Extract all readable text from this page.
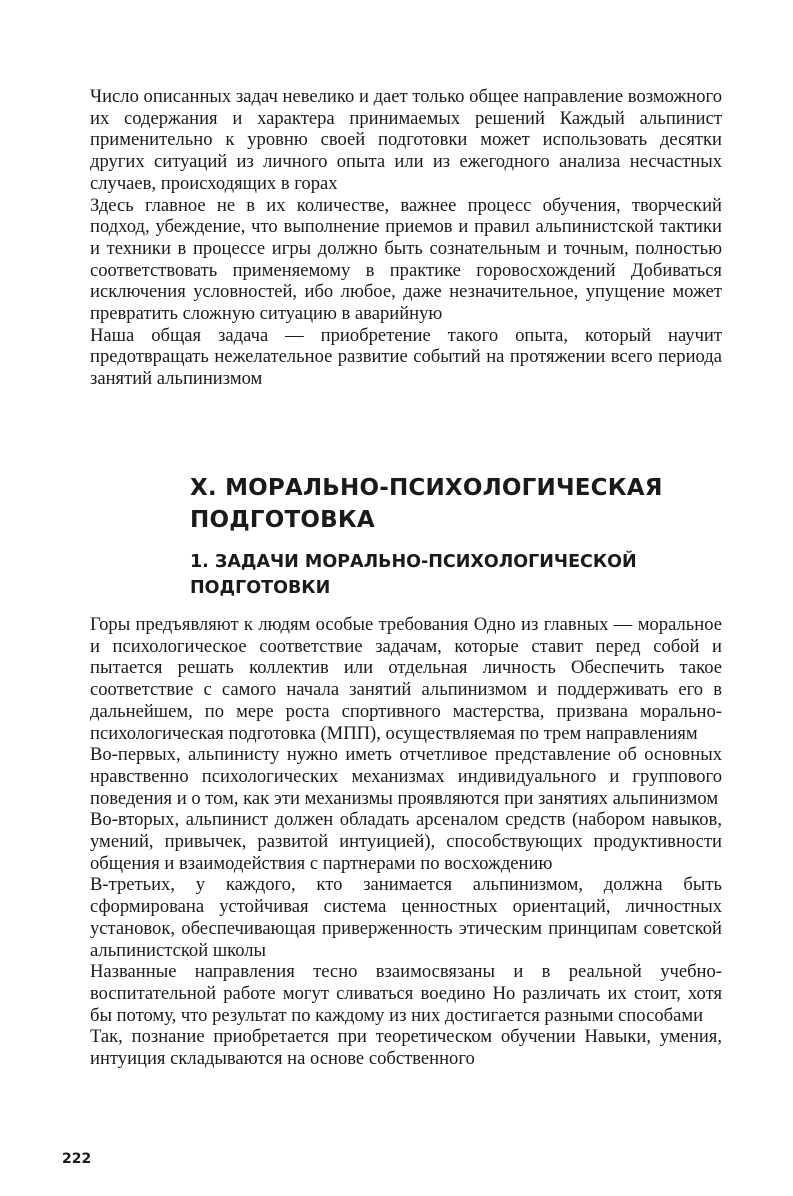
Число описанных задач невелико и дает только общее направление возможного их содержания и характера принимаемых решений Каждый альпинист применительно к уровню своей подготовки может использовать десятки других ситуаций из личного опыта или из ежегодного анализа несчастных случаев, происходящих в горах

Здесь главное не в их количестве, важнее процесс обучения, творческий подход, убеждение, что выполнение приемов и правил альпинистской тактики и техники в процессе игры должно быть сознательным и точным, полностью соответствовать применяемому в практике горовосхождений Добиваться исключения условностей, ибо любое, даже незначительное, упущение может превратить сложную ситуацию в аварийную

Наша общая задача — приобретение такого опыта, который научит предотвращать нежелательное развитие событий на протяжении всего периода занятий альпинизмом

X. МОРАЛЬНО-ПСИХОЛОГИЧЕСКАЯ ПОДГОТОВКА
1. ЗАДАЧИ МОРАЛЬНО-ПСИХОЛОГИЧЕСКОЙ ПОДГОТОВКИ

Горы предъявляют к людям особые требования Одно из главных — моральное и психологическое соответствие задачам, которые ставит перед собой и пытается решать коллектив или отдельная личность Обеспечить такое соответствие с самого начала занятий альпинизмом и поддерживать его в дальнейшем, по мере роста спортивного мастерства, призвана морально-психологическая подготовка (МПП), осуществляемая по трем направлениям

Во-первых, альпинисту нужно иметь отчетливое представление об основных нравственно психологических механизмах индивидуального и группового поведения и о том, как эти механизмы проявляются при занятиях альпинизмом

Во-вторых, альпинист должен обладать арсеналом средств (набором навыков, умений, привычек, развитой интуицией), способствующих продуктивности общения и взаимодействия с партнерами по восхождению

В-третьих, у каждого, кто занимается альпинизмом, должна быть сформирована устойчивая система ценностных ориентаций, личностных установок, обеспечивающая приверженность этическим принципам советской альпинистской школы

Названные направления тесно взаимосвязаны и в реальной учебно-воспитательной работе могут сливаться воедино Но различать их стоит, хотя бы потому, что результат по каждому из них достигается разными способами

Так, познание приобретается при теоретическом обучении Навыки, умения, интуиция складываются на основе собственного

222
